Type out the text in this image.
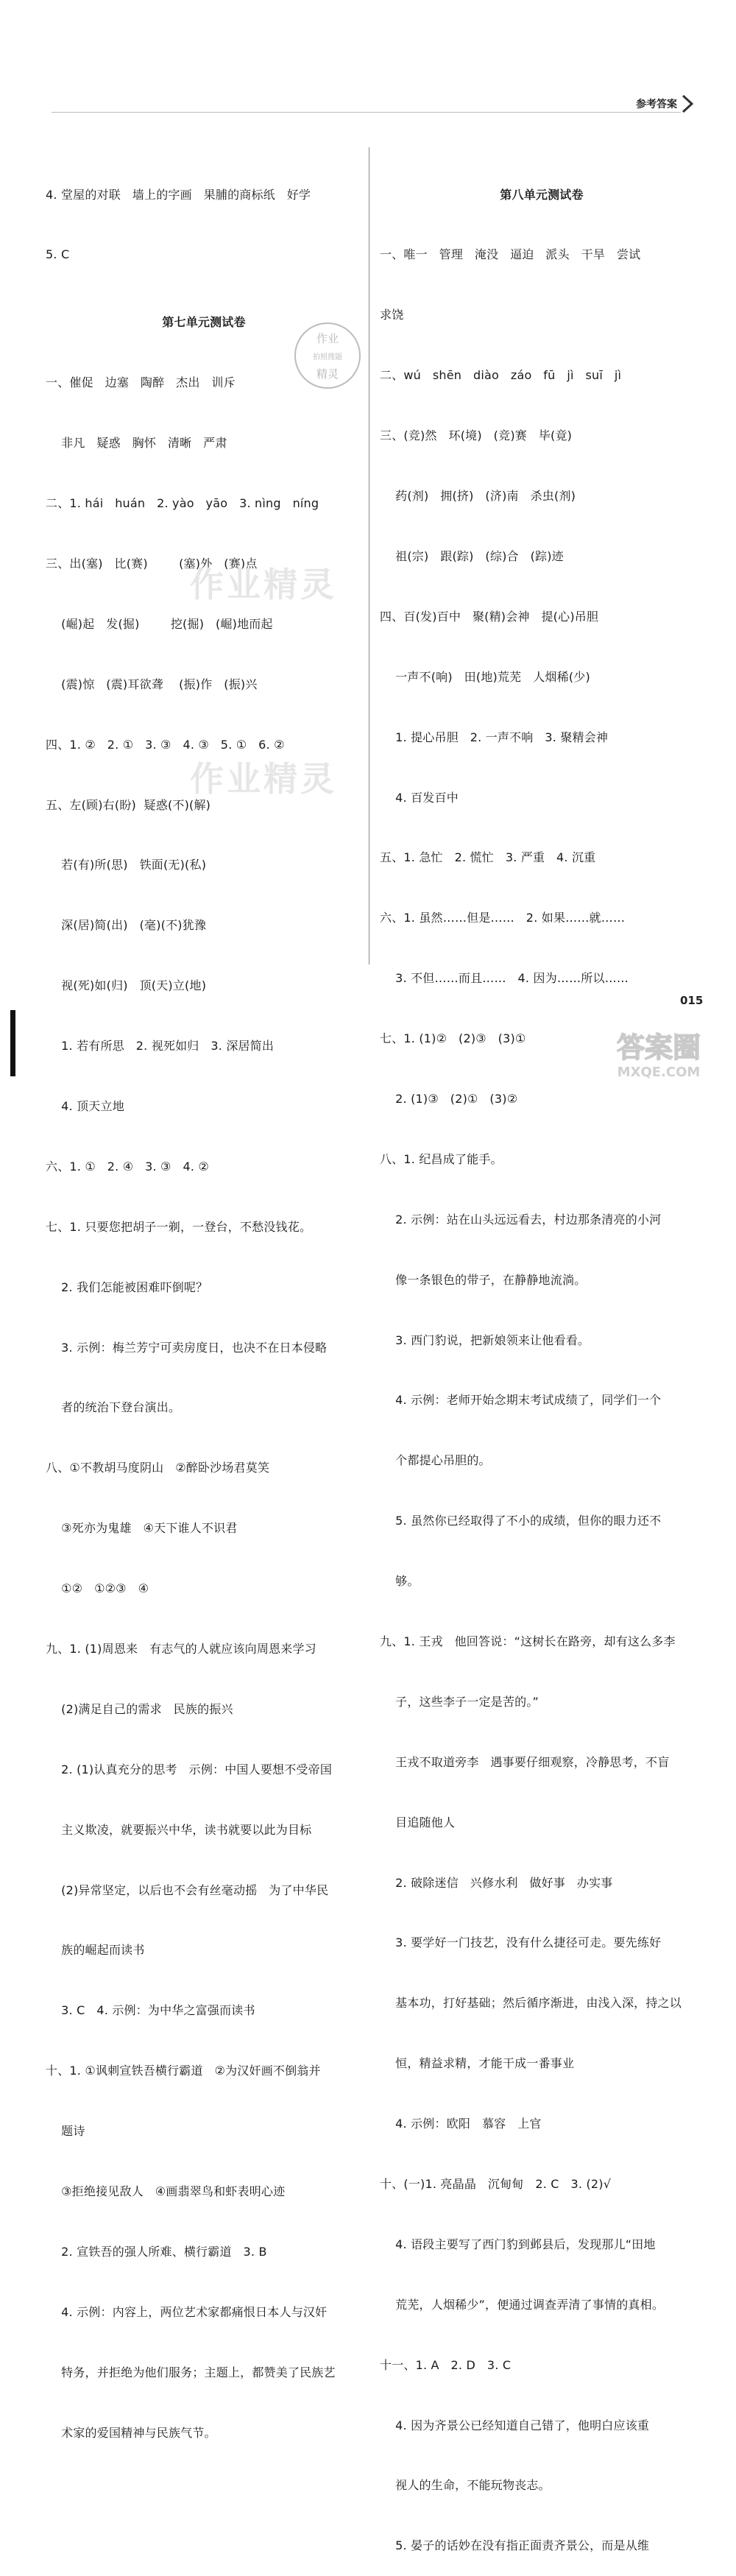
参考答案

4. 堂屋的对联   墙上的字画   果脯的商标纸   好学

5. C

第七单元测试卷

一、催促   边塞   陶醉   杰出   训斥

非凡   疑惑   胸怀   清晰   严肃

二、1. hái   huán   2. yào   yāo   3. nìng   níng

三、出(塞)   比(赛)        (塞)外   (赛)点

(崛)起   发(掘)        挖(掘)   (崛)地而起

(震)惊   (震)耳欲聋    (振)作   (振)兴

四、1. ②   2. ①   3. ③   4. ③   5. ①   6. ②

五、左(顾)右(盼)  疑惑(不)(解)

若(有)所(思)   铁面(无)(私)

深(居)简(出)   (毫)(不)犹豫

视(死)如(归)   顶(天)立(地)

1. 若有所思   2. 视死如归   3. 深居简出

4. 顶天立地

六、1. ①   2. ④   3. ③   4. ②

七、1. 只要您把胡子一剃，一登台，不愁没钱花。

2. 我们怎能被困难吓倒呢？

3. 示例：梅兰芳宁可卖房度日，也决不在日本侵略

者的统治下登台演出。

八、①不教胡马度阴山   ②醉卧沙场君莫笑

③死亦为鬼雄   ④天下谁人不识君

①②   ①②③   ④

九、1. (1)周恩来   有志气的人就应该向周恩来学习

(2)满足自己的需求   民族的振兴

2. (1)认真充分的思考   示例：中国人要想不受帝国

主义欺凌，就要振兴中华，读书就要以此为目标

(2)异常坚定，以后也不会有丝毫动摇   为了中华民

族的崛起而读书

3. C   4. 示例：为中华之富强而读书

十、1. ①讽刺宣铁吾横行霸道   ②为汉奸画不倒翁并

题诗

③拒绝接见敌人   ④画翡翠鸟和虾表明心迹

2. 宣铁吾的强人所难、横行霸道   3. B

4. 示例：内容上，两位艺术家都痛恨日本人与汉奸

特务，并拒绝为他们服务；主题上，都赞美了民族艺

术家的爱国精神与民族气节。

第八单元测试卷

一、唯一   管理   淹没   逼迫   派头   干旱   尝试

求饶

二、wú   shēn   diào   záo   fū   jì   suī   jì

三、(竞)然   环(境)   (竞)赛   毕(竟)

药(剂)   拥(挤)   (济)南   杀虫(剂)

祖(宗)   跟(踪)   (综)合   (踪)迹

四、百(发)百中   聚(精)会神   提(心)吊胆

一声不(响)   田(地)荒芜   人烟稀(少)

1. 提心吊胆   2. 一声不响   3. 聚精会神

4. 百发百中

五、1. 急忙   2. 慌忙   3. 严重   4. 沉重

六、1. 虽然……但是……   2. 如果……就……

3. 不但……而且……   4. 因为……所以……

七、1. (1)②   (2)③   (3)①

2. (1)③   (2)①   (3)②

八、1. 纪昌成了能手。

2. 示例：站在山头远远看去，村边那条清亮的小河

像一条银色的带子，在静静地流淌。

3. 西门豹说，把新娘领来让他看看。

4. 示例：老师开始念期末考试成绩了，同学们一个

个都提心吊胆的。

5. 虽然你已经取得了不小的成绩，但你的眼力还不

够。

九、1. 王戎   他回答说：“这树长在路旁，却有这么多李

子，这些李子一定是苦的。”

王戎不取道旁李   遇事要仔细观察，冷静思考，不盲

目追随他人

2. 破除迷信   兴修水利   做好事   办实事

3. 要学好一门技艺，没有什么捷径可走。要先练好

基本功，打好基础；然后循序渐进，由浅入深，持之以

恒，精益求精，才能干成一番事业

4. 示例：欧阳   慕容   上官

十、(一)1. 亮晶晶   沉甸甸   2. C   3. (2)√

4. 语段主要写了西门豹到邺县后，发现那儿“田地

荒芜，人烟稀少”，便通过调查弄清了事情的真相。

十一、1. A   2. D   3. C

4. 因为齐景公已经知道自己错了，他明白应该重

视人的生命，不能玩物丧志。

5. 晏子的话妙在没有指正面责齐景公，而是从维

015
作业精灵
作业精灵
作业
拍照搜题
精灵
答案圈
MXQE.COM
